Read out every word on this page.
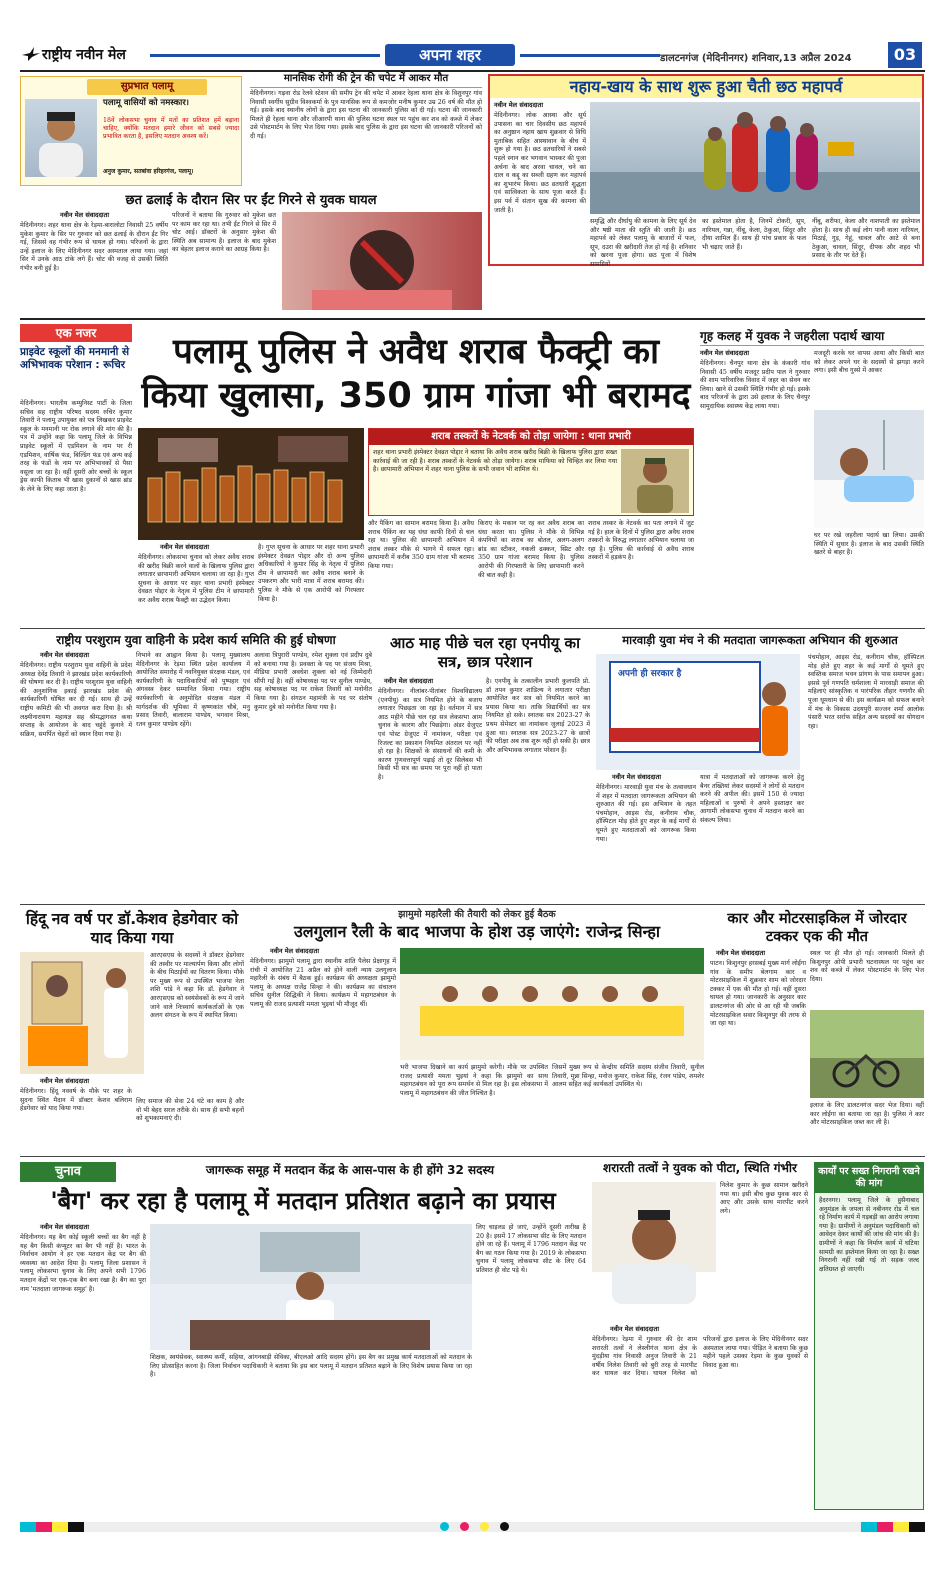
राष्ट्रीय नवीन मेल	अपना शहर	डालटनगंज (मेदिनीनगर) शनिवार,13 अप्रैल 2024	03
सुप्रभात पलामू
पलामू वासियों को नमस्कार।
18वें लोकसभा चुनाव में मतों का प्रतिशत हमें बढ़ाना चाहिए, क्योंकि मतदान हमारे जीवन को सबसे ज्यादा प्रभावित करता है, इसलिए मतदान अवश्य करें।
अनुज कुमार, सतबांवा हरिहरगंज, पलामू।
मानसिक रोगी की ट्रेन की चपेट में आकर मौत
मेदिनीनगर। गढ़वा रोड रेलवे स्टेशन की समीप ट्रेन की चपेट में आकर रेहला थाना क्षेत्र के विशुनपुर गांव निवासी स्वर्गीय सुग्रीव विश्वकर्मा के पुत्र मानसिक रूप से कमजोर मनीष कुमार उम्र 26 वर्ष की मौत हो गई। इसके बाद स्थानीय लोगों के द्वारा इस घटना की जानकारी पुलिस को दी गई। घटना की जानकारी मिलते ही रेहला थाना और जीआरपी थाना की पुलिस घटना स्थल पर पहुंच कर शव को कब्जे में लेकर उसे पोस्टमार्टम के लिए भेज दिया गया। इसके बाद पुलिस के द्वारा इस घटना की जानकारी परिजनों को दी गई।
नहाय-खाय के साथ शुरू हुआ चैती छठ महापर्व
नवीन मेल संवाददाता
मेदिनीनगर। लोक आस्था और सूर्य उपासना का चार दिवसीय छठ महापर्व का अनुष्ठान नहाय खाय शुक्रवार से विधि मुताबिक सहित आस्थावान के बीच में शुरू हो गया है। छठ व्रतधारियों ने सबसे पहले स्नान कर भगवान भास्कर की पूजा अर्चना के बाद अरवा चावल, चने का दाल व कद्दू का सब्जी ग्रहण कर महापर्व का शुभारंभ किया। छठ व्रतधारी शुद्धता एवं सात्विकता के साथ पूजा करते हैं। इस पर्व में संतान सुख की कामना की जाती है।
समृद्धि और दीर्घायु की कामना के लिए सूर्य देव और षष्ठी माता की स्तुति की जाती है। छठ महापर्व को लेकर पलामू के बाजारों में फल, सूप, दउरा की खरीदारी तेज हो गई है। शनिवार को खरना पूजा होगा। छठ पूजा में विशेष सामग्रियों
का इस्तेमाल होता है, जिनमें टोकरी, सूप, नारियल, गन्ना, नींबू, केला, ठेकुआ, सिंदूर और दीया शामिल हैं। साथ ही पांच प्रकार के फल भी चढ़ाए जाते हैं।
नींबू, शरीफा, केला और नाशपाती का इस्तेमाल होता है। साथ ही कई लोग पानी वाला नारियल, मिठाई, गुड़, गेहूं, चावल और आटे से बना ठेकुआ, चावल, सिंदूर, दीपक और शहद भी प्रसाद के तौर पर देते हैं।
छत ढलाई के दौरान सिर पर ईंट गिरने से युवक घायल
नवीन मेल संवाददाता
मेदिनीनगर। शहर थाना क्षेत्र के रेड़मा-बारालोटा निवासी 25 वर्षीय मुकेश कुमार के सिर पर गुरुवार को छत ढलाई के दौरान ईंट गिर गई, जिससे वह गंभीर रूप से घायल हो गया। परिजनों के द्वारा उन्हें इलाज के लिए मेदिनीनगर सदर अस्पताल लाया गया। जहां सिर में उनके आठ टांके लगे हैं। चोट की वजह से उसकी स्थिति गंभीर बनी हुई है।
परिजनों ने बताया कि गुरुवार को मुकेश छत पर काम कर रहा था। तभी ईंट गिरने से सिर में चोट आई। डॉक्टरों के अनुसार मुकेश की स्थिति अब सामान्य है। इलाज के बाद मुकेश का बेहतर इलाज कराने का आग्रह किया है।
एक नजर
प्राइवेट स्कूलों की मनमानी से अभिभावक परेशान : रूचिर
मेदिनीनगर। भारतीय कम्युनिस्ट पार्टी के जिला सचिव सह राष्ट्रीय परिषद सदस्य रुचिर कुमार तिवारी ने पलामू उपायुक्त को पत्र लिखकर प्राइवेट स्कूल के मनमानी पर रोक लगाने की मांग की है। पत्र में उन्होंने कहा कि पलामू जिले के विभिन्न प्राइवेट स्कूलों में एडमिशन के नाम पर री एडमिशन, वार्षिक फंड, बिल्डिंग फंड एवं अन्य कई तरह के फंडों के नाम पर अभिभावकों से पैसा वसूला जा रहा है। वहीं दूसरी ओर बच्चों के स्कूल ड्रेस काफी किताब भी खास दुकानों से खास ब्रांड के लेने के लिए कहा जाता है।
पलामू पुलिस ने अवैध शराब फैक्ट्री का किया खुलासा, 350 ग्राम गांजा भी बरामद
शराब तस्करों के नेटवर्क को तोड़ा जायेगा : थाना प्रभारी
शहर थाना प्रभारी इंस्पेक्टर देवव्रत पोद्दार ने बताया कि अवैध शराब खरीद बिक्री के खिलाफ पुलिस द्वारा सख्त कार्रवाई की जा रही है। शराब तस्करों के नेटवर्क को तोड़ा जायेगा। शराब माफिया को चिन्हित कर लिया गया है। छापामारी अभियान में शहर थाना पुलिस के सभी जवान भी शामिल थे।
नवीन मेल संवाददाता
मेदिनीनगर। लोकसभा चुनाव को लेकर अवैध शराब की खरीद बिक्री करने वालों के खिलाफ पुलिस द्वारा लगातार छापामारी अभियान चलाया जा रहा है। गुप्त सूचना के आधार पर शहर थाना प्रभारी इंस्पेक्टर देवव्रत पोद्दार के नेतृत्व में पुलिस टीम ने छापामारी कर अवैध शराब फैक्ट्री का उद्भेदन किया।
है। गुप्त सूचना के आधार पर शहर थाना प्रभारी इंस्पेक्टर देवव्रत पोद्दार और दो अन्य पुलिस अधिकारियों ने कुमार सिंह के नेतृत्व में पुलिस टीम ने छापामारी कर अवैध शराब बनाने के उपकरण और भारी मात्रा में शराब बरामद की। पुलिस ने मौके से एक आरोपी को गिरफ्तार किया है।
और पैकिंग का सामान बरामद किया है। अवैध शराब पैकिंग का यह धंधा काफी दिनों से चल रहा था। पुलिस की छापामारी अभियान में शराब तस्कर मौके से भागने में सफल रहा। छापामारी में करीब 350 ग्राम गांजा भी बरामद किया गया।
किराए के मकान पर रह कर अवैध शराब का धंधा करता था। पुलिस ने मौके से विभिन्न कंपनियों का शराब का बोतल, अलग-अलग ब्रांड का स्टीकर, नकली ढक्कन, स्प्रिट और 350 ग्राम गांजा बरामद किया है। पुलिस आरोपी की गिरफ्तारी के लिए छापामारी करने की बात कही है।
शराब तस्कर के नेटवर्क का पता लगाने में जुट गई है। हाल के दिनों में पुलिस द्वारा अवैध शराब तस्करों के विरुद्ध लगातार अभियान चलाया जा रहा है। पुलिस की कार्रवाई से अवैध शराब तस्करों में हड़कंप है।
गृह कलह में युवक ने जहरीला पदार्थ खाया
नवीन मेल संवाददाता
मेदिनीनगर। चैनपुर थाना क्षेत्र के कंकारी गांव निवासी 45 वर्षीय मजदूर प्रदीप पाल ने गुरुवार की शाम पारिवारिक विवाद में जहर का सेवन कर लिया। खाने से उसकी स्थिति गंभीर हो गई। इसके बाद परिजनों के द्वारा उसे इलाज के लिए चैनपुर सामुदायिक स्वास्थ्य केंद्र लाया गया।
मजदूरी करके घर वापस आया और किसी बात को लेकर अपने घर के सदस्यों से झगड़ा करने लगा। इसी बीच गुस्से में आकर
घर पर रखे जहरीला पदार्थ खा लिया। उसकी स्थिति में सुधार है। इलाज के बाद उसकी स्थिति खतरे से बाहर है।
राष्ट्रीय परशुराम युवा वाहिनी के प्रदेश कार्य समिति की हुई घोषणा
नवीन मेल संवाददाता
मेदिनीनगर। राष्ट्रीय परशुराम युवा वाहिनी के प्रदेश अध्यक्ष देवेंद्र तिवारी ने झारखंड प्रदेश कार्यकारिणी की घोषणा कर दी है। राष्ट्रीय परशुराम युवा वाहिनी की अनुशांगिक इकाई झारखंड प्रदेश की कार्यकारिणी घोषित कर दी गई। साथ ही उन्हें राष्ट्रीय कमिटी की भी अवगत करा दिया है। श्री लक्ष्मीनारायण महायज्ञ सह श्रीमद्भागवत कथा सप्ताह के आयोजन के बाद चहुंदे कुनाने में सक्रिय, समर्पित चेहरों को स्थान दिया गया है।
निभाने का आह्वान किया है। पलामू मुख्यालय मेदिनीनगर के रेड़मा स्थित प्रदेश कार्यालय में आयोजित समारोह में नवनियुक्त संरक्षक मंडल, एवं कार्यकारिणी के पदाधिकारियों को पुष्पहार एवं अंगवस्त्र देकर सम्मानित किया गया। राष्ट्रीय कार्यकारिणी के अनुमोदित संरक्षक मंडल में मार्गदर्शक की भूमिका में कृष्णकांत चौबे, मनु प्रसाद तिवारी, बालाराम पाण्डेय, भगवान मिश्रा, रतन कुमार पाण्डेय रहेंगे।
अलावा त्रिपुरारी पाण्डेय, रमेश शुक्ला एवं प्रदीप दुबे को बनाया गया है। प्रवक्ता के पद पर संजय मिश्रा, मीडिया प्रभारी अवधेश शुक्ला को नई जिम्मेदारी सौंपी गई है। वहीं कोषाध्यक्ष पद पर सुनील पाण्डेय, सह कोषाध्यक्ष पद पर राकेश तिवारी को मनोनीत किया गया है। संगठन महामंत्री के पद पर संतोष कुमार दुबे को मनोनीत किया गया है।
आठ माह पीछे चल रहा एनपीयू का सत्र, छात्र परेशान
नवीन मेल संवाददाता
मेदिनीनगर। नीलांबर-पीतांबर विश्वविद्यालय (एनपीयू) का सत्र नियमित होने के बजाय लगातार पिछड़ता जा रहा है। वर्तमान में सत्र आठ महीने पीछे चल रहा सत्र लेकसभा आम चुनाव के कारण और पिछड़ेगा। अंडर ग्रेजुएट एवं पोस्ट ग्रेजुएट में नामांकन, परीक्षा एवं रिजल्ट का प्रकाशन नियमित अंतराल पर नहीं हो रहा है। शिक्षकों के संसाधनों की कमी के कारण गुणवत्तापूर्ण पढ़ाई तो दूर सिलेबस भी किसी भी सत्र का समय पर पूरा नहीं हो पाता है।
है। एनपीयू के तत्कालीन प्रभारी कुलपति प्रो. डॉ तपन कुमार शांडिल्य ने लगातार परीक्षा आयोजित कर सत्र को नियमित करने का प्रयास किया था। ताकि विद्यार्थियों का सत्र नियमित हो सके। स्नातक सत्र 2023-27 के प्रथम सेमेस्टर का नामांकन जुलाई 2023 में हुआ था। स्नातक सत्र 2023-27 के छात्रों की परीक्षा अब तक शुरू नहीं हो सकी है। छात्र और अभिभावक लगातार परेशान हैं।
मारवाड़ी युवा मंच ने की मतदाता जागरूकता अभियान की शुरुआत
अपनी ही सरकार है
नवीन मेल संवाददाता
मेदिनीनगर। मारवाड़ी युवा मंच के तत्वावधान में शहर में मतदाता जागरूकता अभियान की शुरुआत की गई। इस अभियान के तहत पंचमोहान, आइस रोड, कनीराम चौक, हॉस्पिटल मोड़ होते हुए शहर के कई मार्गों से घूमते हुए मतदाताओं को जागरूक किया गया।
यात्रा में मतदाताओं को जागरूक करने हेतु बैनर तख्तियां लेकर सदस्यों ने लोगों से मतदान करने की अपील की। इसमें 150 से ज्यादा महिलाओं व पुरुषों ने अपने हस्ताक्षर कर आगामी लोकसभा चुनाव में मतदान करने का संकल्प लिया।
पंचमोहान, आइस रोड, कनीराम चौक, हॉस्पिटल मोड़ होते हुए शहर के कई मार्गों से घूमते हुए स्वस्तिक समाज भवन प्रांगण के पास समापन हुआ। इससे पूर्व गणपति धर्मशाला में मारवाड़ी समाज की महिलाएं सांस्कृतिक व पारंपरिक तौहार गणगौर की पूजा धूमधाम से की। इस कार्यक्रम को सफल बनाने में मंच के विकास उदयपुरी सज्जन शर्मा आलोक पंसारी भरत सर्राफ सहित अन्य सदस्यों का योगदान रहा।
हिंदू नव वर्ष पर डॉ.केशव हेडगेवार को याद किया गया
आरएसएस के सदस्यों ने डॉक्टर हेडगेवार की तस्वीर पर माल्यार्पण किया और लोगों के बीच मिठाईयों का वितरण किया। मौके पर मुख्य रूप से उपस्थित भाजपा नेता शशि पांडे ने कहा कि डॉ. हेडगेवार ने आरएसएस को स्वयंसेवकों के रूप में जाने जाने वाले निःस्वार्थ कार्यकर्ताओं के एक अलग संगठन के रूप में स्थापित किया।
नवीन मेल संवाददाता
मेदिनीनगर। हिंदू नववर्ष के मौके पर शहर के सुदना स्थित मैदान में डॉक्टर केशव बलिराम हेडगेवार को याद किया गया।
लिए समाज की सेवा 24 घंटे का काम है और वो भी बेहद सरल तरीके से। साथ ही सभी बहनों को शुभकामनाएं दी।
झामुमो महारैली की तैयारी को लेकर हुई बैठक
उलगुलान रैली के बाद भाजपा के होश उड़ जाएंगे: राजेन्द्र सिन्हा
नवीन मेल संवाददाता
मेदिनीनगर। झामुमो पलामू द्वारा स्थानीय शांति पैलेस प्रेक्षागृह में रांची में आयोजित 21 अप्रैल को होने वाली न्याय उलगुलान महारैली के संबंध में बैठक हुई। कार्यक्रम की अध्यक्षता झामुमो पलामू के अध्यक्ष राजेंद्र सिन्हा ने की। कार्यक्रम का संचालन सचिव सुनील सिद्धिकी ने किया। कार्यक्रम में महागठबंधन के पलामू की राजद प्रत्याशी ममता भुइयां भी मौजूद थीं।
भरी भाजपा दिखाने का कार्य झामुमो करेगी। मौके पर उपस्थित राजद प्रत्याशी ममता भुइयां ने कहा कि झामुमो का साथ महागठबंधन को पूरा रूप समर्थन से मिल रहा है। इस लोकसभा में पलामू में महागठबंधन की जीत निश्चित है।
जिसमें मुख्य रूप से केन्द्रीय समिति सदस्य संजीव तिवारी, सुनील तिवारी, मुन्ना सिन्हा, मनोज कुमार, राकेश सिंह, रंजन पांडेय, शमशेर आलम सहित कई कार्यकर्ता उपस्थित थे।
कार और मोटरसाइकिल में जोरदार टक्कर एक की मौत
नवीन मेल संवाददाता
पाटन। किशुनपुर हरसबई मुख्य मार्ग लोईंगा गांव के समीप बेलगाम कार व मोटरसाइकिल में शुक्रवार शाम को जोरदार टक्कर में एक की मौत हो गई। वहीं दूसरा घायल हो गया। जानकारी के अनुसार कार डालटनगंज की ओर से आ रही थी जबकि मोटरसाइकिल सवार किशुनपुर की तरफ से जा रहा था।
स्थल पर ही मौत हो गई। जानकारी मिलते ही किशुनपुर ओपी प्रभारी घटनास्थल पर पहुंच कर शव को कब्जे में लेकर पोस्टमार्टम के लिए भेज दिया।
इलाज के लिए डालटनगंज सदर भेज दिया। वहीं कार लोईंगा का बताया जा रहा है। पुलिस ने कार और मोटरसाइकिल जब्त कर ली है।
चुनाव	जागरूक समूह में मतदान केंद्र के आस-पास के ही होंगे 32 सदस्य
'बैग' कर रहा है पलामू में मतदान प्रतिशत बढ़ाने का प्रयास
नवीन मेल संवाददाता
मेदिनीनगर। यह बैग कोई स्कूली बच्चों का बैग नहीं है यह बैग किसी कंप्यूटर का बैग भी नहीं है। भारत के निर्वाचन आयोग ने हर एक मतदान केंद्र पर बैग की व्यवस्था का आदेश दिया है। पलामू जिला प्रशासन ने पलामू लोकसभा चुनाव के लिए अपने सभी 1796 मतदान केंद्रों पर एक-एक बैग बना रखा है। बैग का पूरा नाम 'मतदाता जागरूक समूह' है।
शिक्षक, स्वयंसेवक, स्वास्थ्य कर्मी, सहिया, आंगनबाड़ी सेविका, बीएलओ आदि सदस्य होंगे। इस बैग का प्रमुख कार्य मतदाताओं को मतदान के लिए प्रोत्साहित करना है। जिला निर्वाचन पदाधिकारी ने बताया कि इस बार पलामू में मतदान प्रतिशत बढ़ाने के लिए विशेष प्रयास किया जा रहा है।
लिए चाइलड हो जाएं, उन्होंने दूसरी तारीख है 20 है। इसमें 17 लोकसभा सीट के लिए मतदान होने जा रहे हैं। पलामू में 1796 मतदान केंद्र पर बैग का गठन किया गया है। 2019 के लोकसभा चुनाव में पलामू लोकसभा सीट के लिए 64 प्रतिशत ही वोट पड़े थे।
शरारती तत्वों ने युवक को पीटा, स्थिति गंभीर
निलेश कुमार के कुछ सामान खरीदने गया था। इसी बीच कुछ युवक कार से आए और उसके साथ मारपीट करने लगे।
नवीन मेल संवाददाता
मेदिनीनगर। रेड़मा में गुरुवार की देर शाम शरारती तत्वों ने लेस्लीगंज थाना क्षेत्र के मुंदड़ीया गांव निवासी अनुज तिवारी के 21 वर्षीय निलेश तिवारी को बुरी तरह से मारपीट कर घायल कर दिया। घायल निलेश को परिजनों द्वारा इलाज के लिए मेदिनीनगर सदर अस्पताल लाया गया। पीड़ित ने बताया कि कुछ महीने पहले उसका रेड़मा के कुछ युवकों से विवाद हुआ था।
कार्यों पर सख्त निगरानी रखने की मांग
हैदरनगर। पलामू जिले के हुसैनाबाद अनुमंडल के जपला से नबीनगर रोड में चल रहे निर्माण कार्य में गड़बड़ी का आरोप लगाया गया है। ग्रामीणों ने अनुमंडल पदाधिकारी को आवेदन देकर कार्यों की जांच की मांग की है। ग्रामीणों ने कहा कि निर्माण कार्य में घटिया सामग्री का इस्तेमाल किया जा रहा है। सख्त निगरानी नहीं रखी गई तो सड़क जल्द क्षतिग्रस्त हो जाएगी।
